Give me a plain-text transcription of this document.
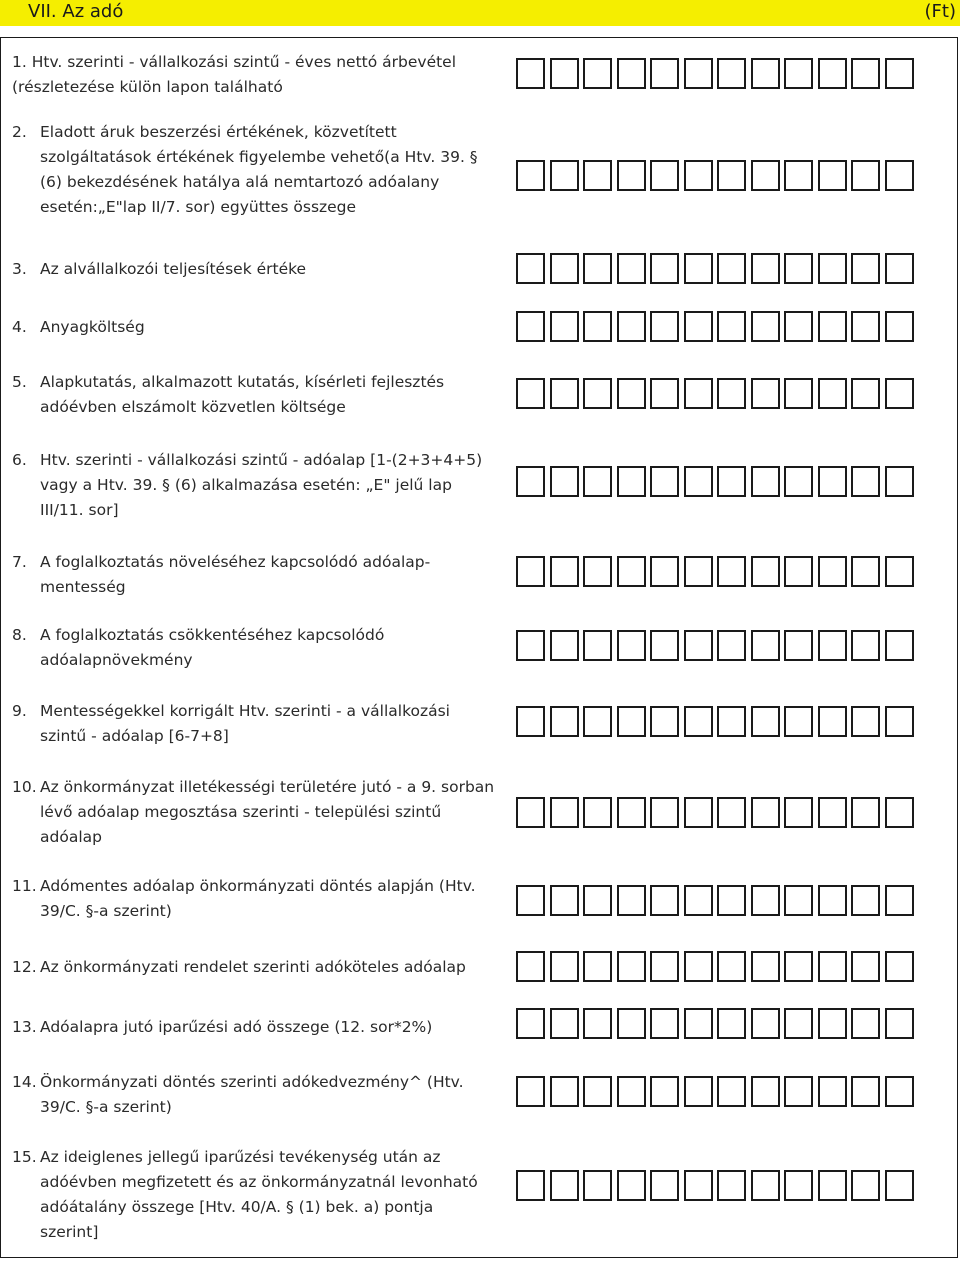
VII. Az adó	(Ft)
1. Htv. szerinti - vállalkozási szintű - éves nettó árbevétel (részletezése külön lapon található
2. Eladott áruk beszerzési értékének, közvetített szolgáltatások értékének figyelembe vehető(a Htv. 39. § (6) bekezdésének hatálya alá nemtartozó adóalany esetén:„E"lap II/7. sor) együttes összege
3. Az alvállalkozói teljesítések értéke
4. Anyagköltség
5. Alapkutatás, alkalmazott kutatás, kísérleti fejlesztés adóévben elszámolt közvetlen költsége
6. Htv. szerinti - vállalkozási szintű - adóalap [1-(2+3+4+5) vagy a Htv. 39. § (6) alkalmazása esetén: „E" jelű lap III/11. sor]
7. A foglalkoztatás növeléséhez kapcsolódó adóalap-mentesség
8. A foglalkoztatás csökkentéséhez kapcsolódó adóalapnövekmény
9. Mentességekkel korrigált Htv. szerinti - a vállalkozási szintű - adóalap [6-7+8]
10. Az önkormányzat illetékességi területére jutó - a 9. sorban lévő adóalap megosztása szerinti - települési szintű adóalap
11. Adómentes adóalap önkormányzati döntés alapján (Htv. 39/C. §-a szerint)
12. Az önkormányzati rendelet szerinti adóköteles adóalap
13. Adóalapra jutó iparűzési adó összege (12. sor*2%)
14. Önkormányzati döntés szerinti adókedvezmény^ (Htv. 39/C. §-a szerint)
15. Az ideiglenes jellegű iparűzési tevékenység után az adóévben megfizetett és az önkormányzatnál levonható adóátalány összege [Htv. 40/A. § (1) bek. a) pontja szerint]
